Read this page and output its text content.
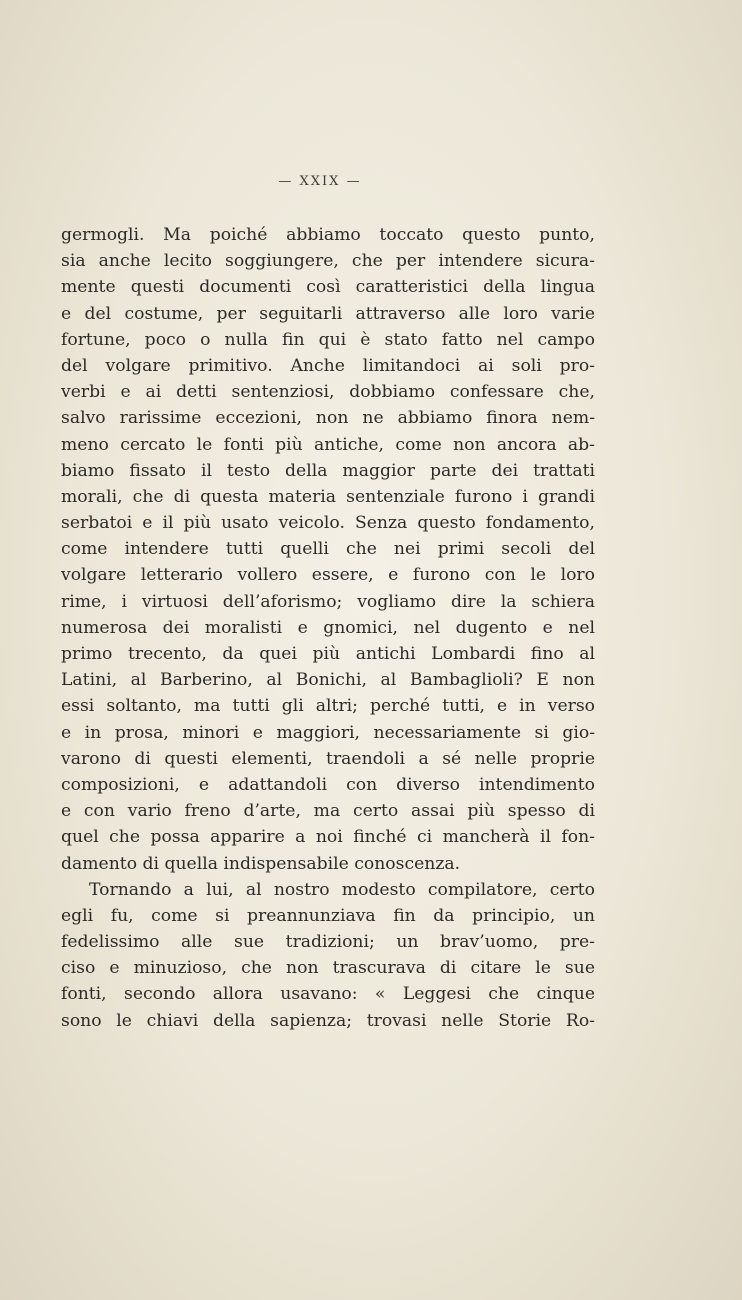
— XXIX —
germogli. Ma poiché abbiamo toccato questo punto,
sia anche lecito soggiungere, che per intendere sicura-
mente questi documenti così caratteristici della lingua
e del costume, per seguitarli attraverso alle loro varie
fortune, poco o nulla fin qui è stato fatto nel campo
del volgare primitivo. Anche limitandoci ai soli pro-
verbi e ai detti sentenziosi, dobbiamo confessare che,
salvo rarissime eccezioni, non ne abbiamo finora nem-
meno cercato le fonti più antiche, come non ancora ab-
biamo fissato il testo della maggior parte dei trattati
morali, che di questa materia sentenziale furono i grandi
serbatoi e il più usato veicolo. Senza questo fondamento,
come intendere tutti quelli che nei primi secoli del
volgare letterario vollero essere, e furono con le loro
rime, i virtuosi dell’aforismo; vogliamo dire la schiera
numerosa dei moralisti e gnomici, nel dugento e nel
primo trecento, da quei più antichi Lombardi fino al
Latini, al Barberino, al Bonichi, al Bambaglioli? E non
essi soltanto, ma tutti gli altri; perché tutti, e in verso
e in prosa, minori e maggiori, necessariamente si gio-
varono di questi elementi, traendoli a sé nelle proprie
composizioni, e adattandoli con diverso intendimento
e con vario freno d’arte, ma certo assai più spesso di
quel che possa apparire a noi finché ci mancherà il fon-
damento di quella indispensabile conoscenza.
Tornando a lui, al nostro modesto compilatore, certo
egli fu, come si preannunziava fin da principio, un
fedelissimo alle sue tradizioni; un brav’uomo, pre-
ciso e minuzioso, che non trascurava di citare le sue
fonti, secondo allora usavano: « Leggesi che cinque
sono le chiavi della sapienza; trovasi nelle Storie Ro-
